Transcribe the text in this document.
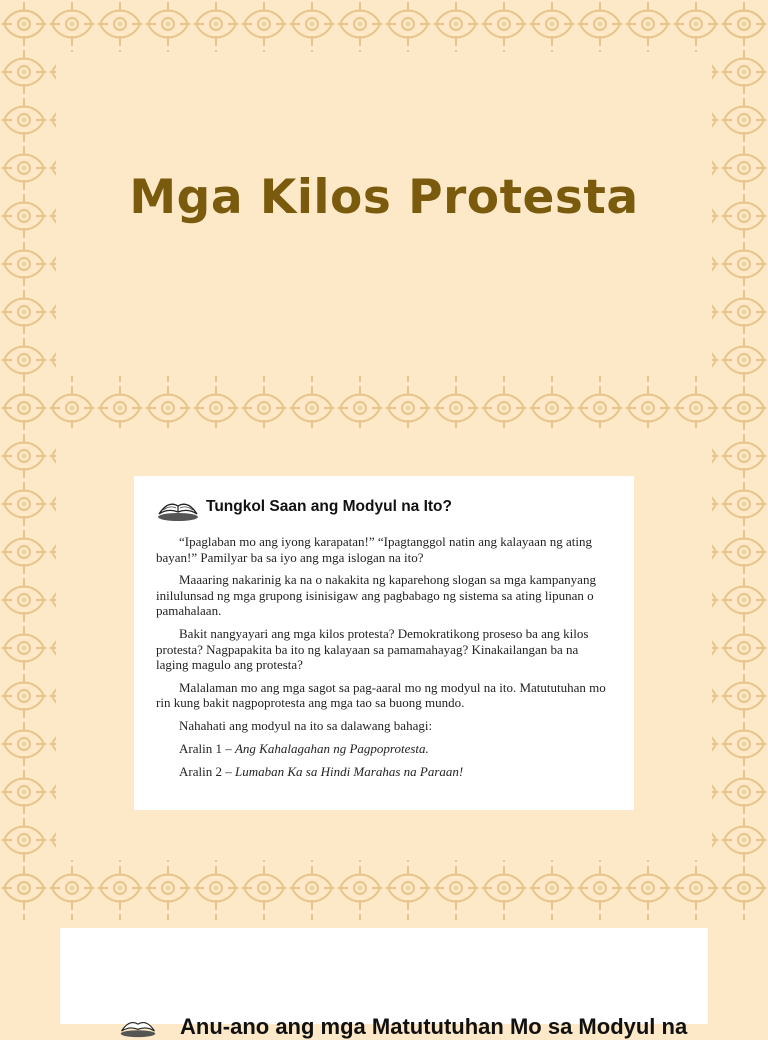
Mga Kilos Protesta
Tungkol Saan ang Modyul na Ito?

“Ipaglaban mo ang iyong karapatan!” “Ipagtanggol natin ang kalayaan ng ating bayan!” Pamilyar ba sa iyo ang mga islogan na ito?

Maaaring nakarinig ka na o nakakita ng kaparehong slogan sa mga kampanyang inilulunsad ng mga grupong isinisigaw ang pagbabago ng sistema sa ating lipunan o pamahalaan.

Bakit nangyayari ang mga kilos protesta? Demokratikong proseso ba ang kilos protesta? Nagpapakita ba ito ng kalayaan sa pamamahayag? Kinakailangan ba na laging magulo ang protesta?

Malalaman mo ang mga sagot sa pag-aaral mo ng modyul na ito. Matututuhan mo rin kung bakit nagpoprotesta ang mga tao sa buong mundo.

Nahahati ang modyul na ito sa dalawang bahagi:

Aralin 1 – Ang Kahalagahan ng Pagpoprotesta.

Aralin 2 – Lumaban Ka sa Hindi Marahas na Paraan!

Anu-ano ang mga Matututuhan Mo sa Modyul na
